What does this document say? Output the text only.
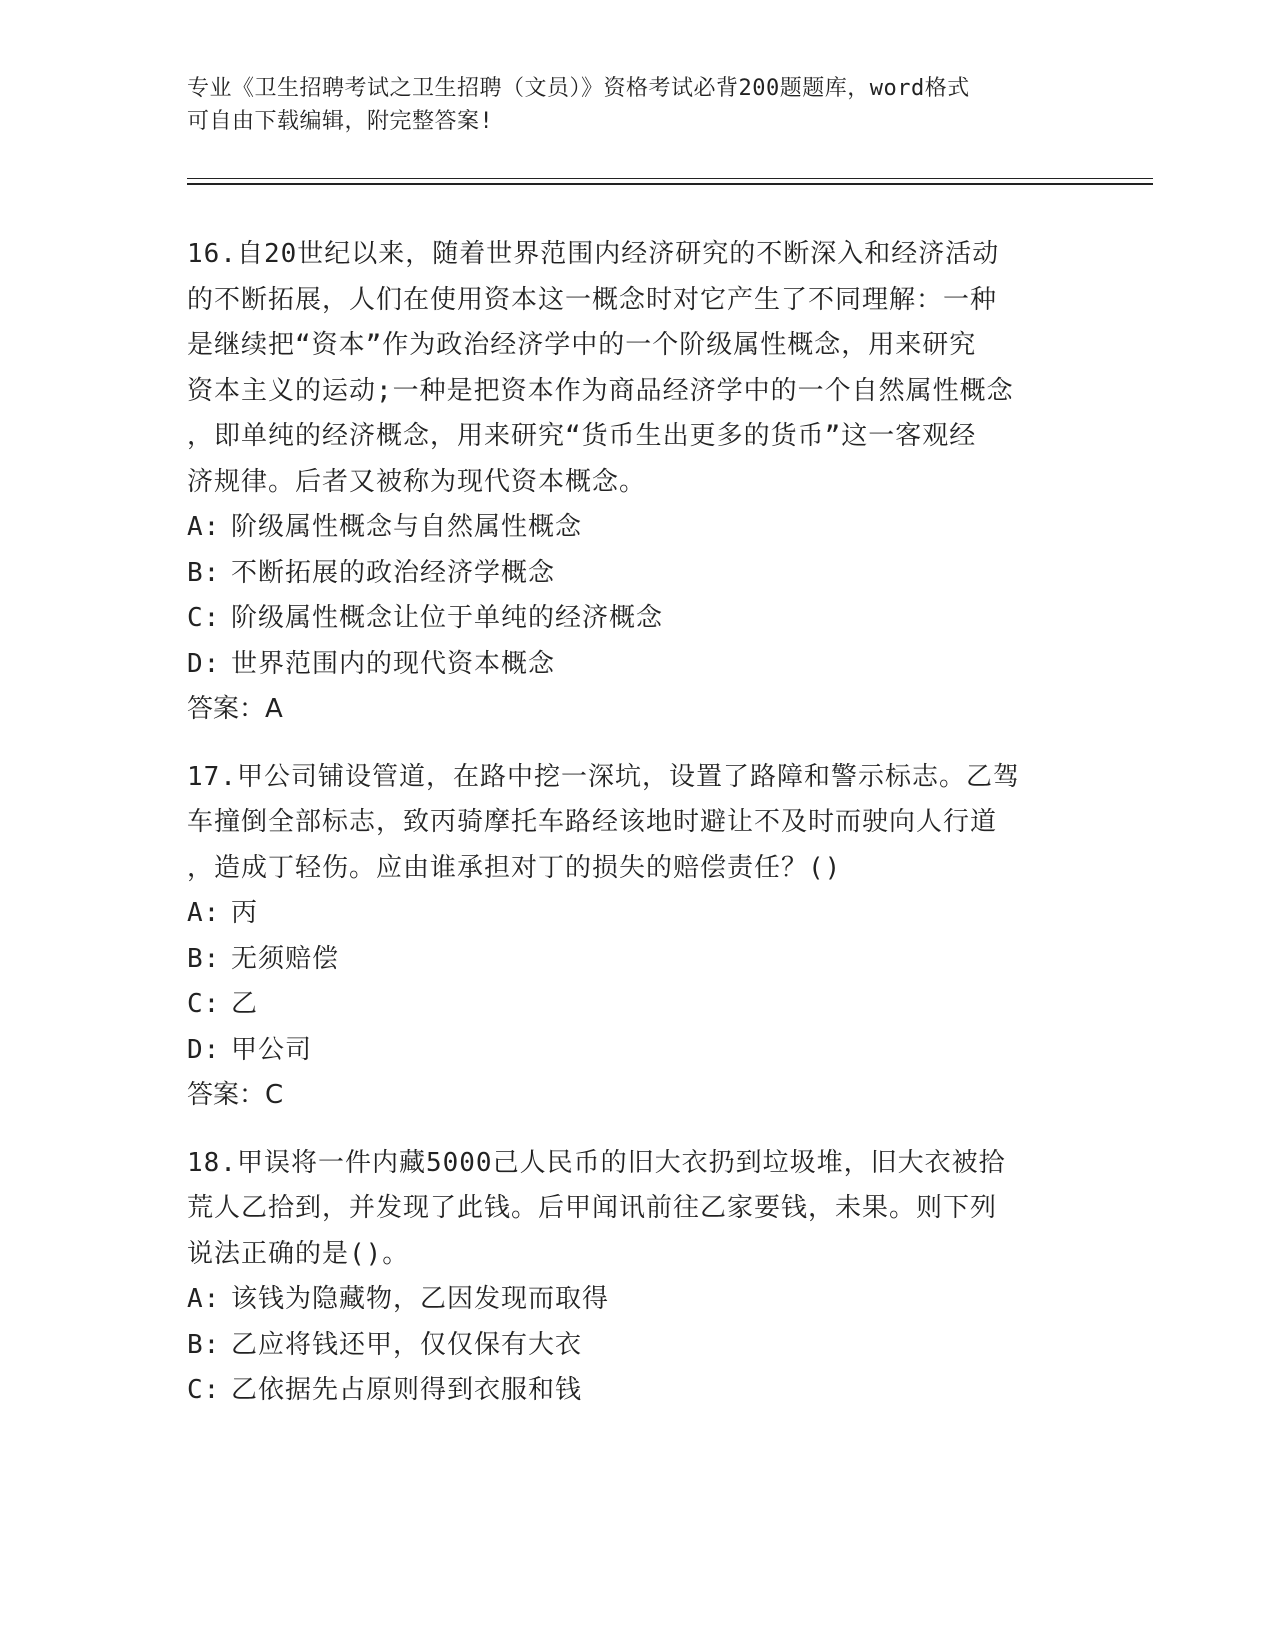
专业《卫生招聘考试之卫生招聘（文员）》资格考试必背200题题库，word格式
可自由下载编辑，附完整答案!

16.自20世纪以来，随着世界范围内经济研究的不断深入和经济活动
的不断拓展，人们在使用资本这一概念时对它产生了不同理解：一种
是继续把“资本”作为政治经济学中的一个阶级属性概念，用来研究
资本主义的运动;一种是把资本作为商品经济学中的一个自然属性概念
，即单纯的经济概念，用来研究“货币生出更多的货币”这一客观经
济规律。后者又被称为现代资本概念。

A: 阶级属性概念与自然属性概念

B: 不断拓展的政治经济学概念

C: 阶级属性概念让位于单纯的经济概念

D: 世界范围内的现代资本概念

答案：A

17.甲公司铺设管道，在路中挖一深坑，设置了路障和警示标志。乙驾
车撞倒全部标志，致丙骑摩托车路经该地时避让不及时而驶向人行道
，造成丁轻伤。应由谁承担对丁的损失的赔偿责任？()

A: 丙

B: 无须赔偿

C: 乙

D: 甲公司

答案：C

18.甲误将一件内藏5000己人民币的旧大衣扔到垃圾堆，旧大衣被拾
荒人乙拾到，并发现了此钱。后甲闻讯前往乙家要钱，未果。则下列
说法正确的是()。

A: 该钱为隐藏物，乙因发现而取得

B: 乙应将钱还甲，仅仅保有大衣

C: 乙依据先占原则得到衣服和钱
